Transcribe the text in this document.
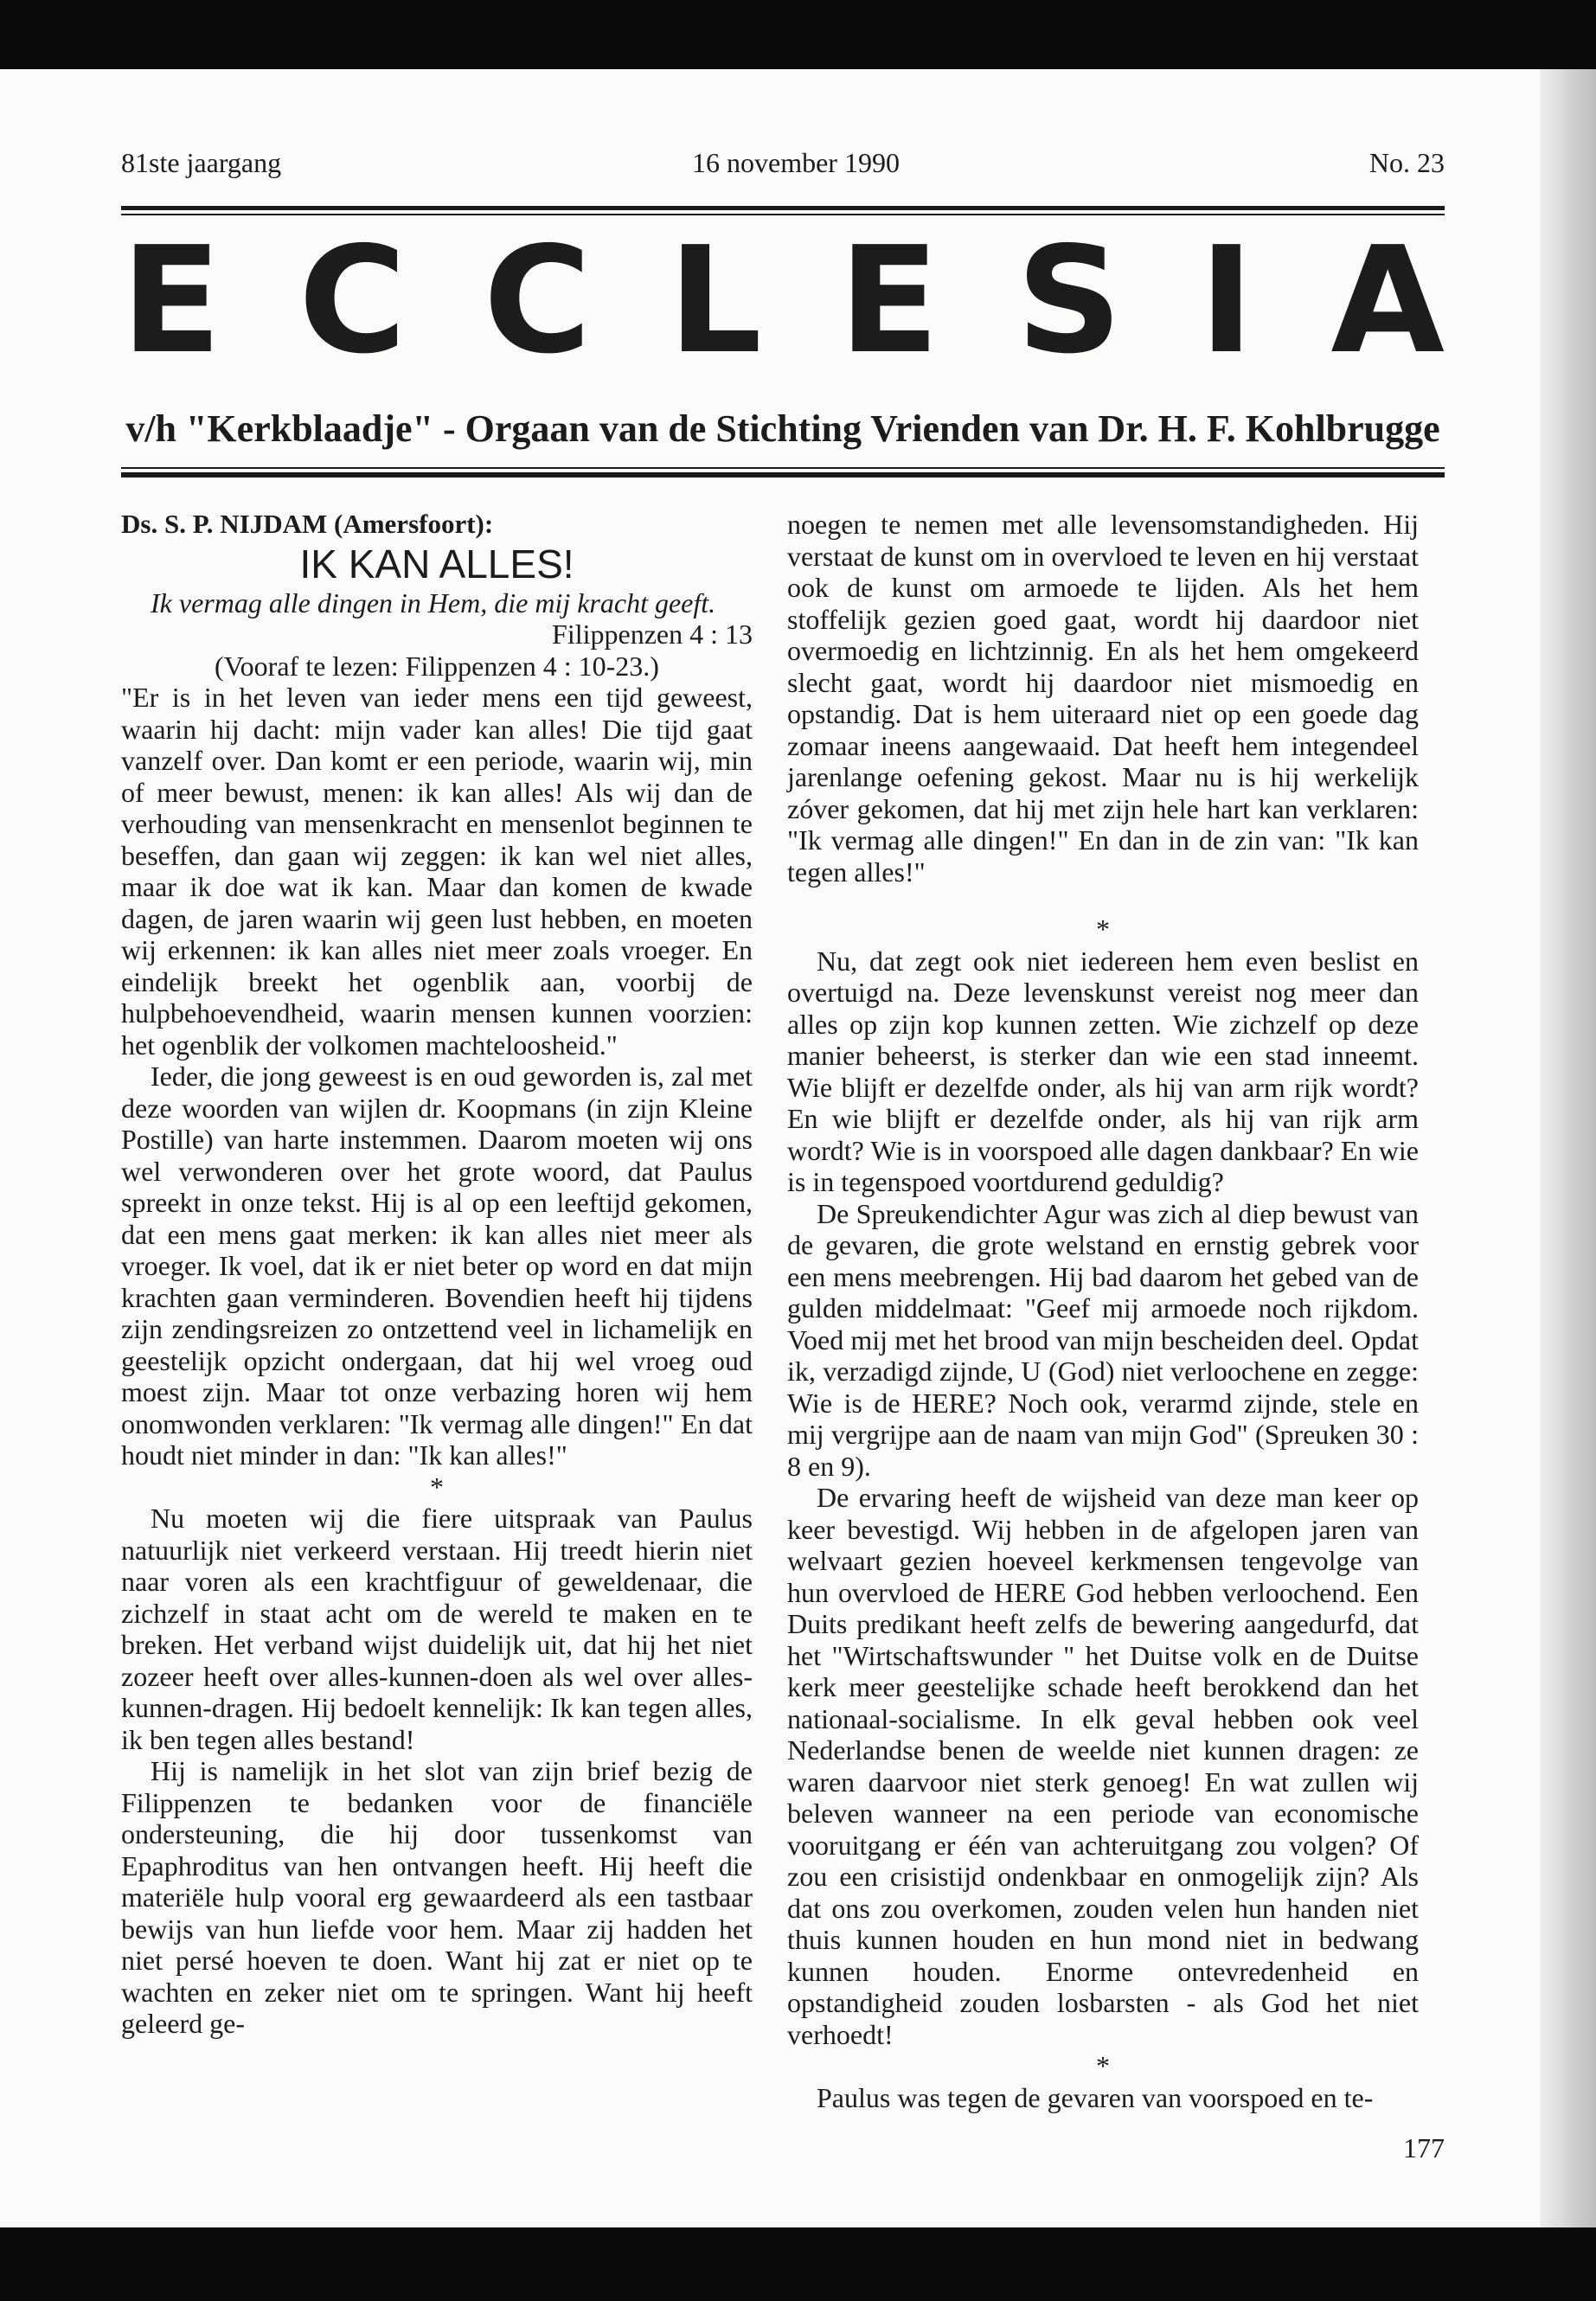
81ste jaargang	16 november 1990	No. 23
E C C L E S I A

v/h "Kerkblaadje" - Orgaan van de Stichting Vrienden van Dr. H. F. Kohlbrugge

Ds. S. P. NIJDAM (Amersfoort):

IK KAN ALLES!

Ik vermag alle dingen in Hem, die mij kracht geeft.

Filippenzen 4 : 13

(Vooraf te lezen: Filippenzen 4 : 10-23.)

"Er is in het leven van ieder mens een tijd geweest, waarin hij dacht: mijn vader kan alles! Die tijd gaat vanzelf over. Dan komt er een periode, waarin wij, min of meer bewust, menen: ik kan alles! Als wij dan de verhouding van mensenkracht en mensenlot beginnen te beseffen, dan gaan wij zeggen: ik kan wel niet alles, maar ik doe wat ik kan. Maar dan komen de kwade dagen, de jaren waarin wij geen lust hebben, en moeten wij erkennen: ik kan alles niet meer zoals vroeger. En eindelijk breekt het ogenblik aan, voorbij de hulpbehoevendheid, waarin mensen kunnen voorzien: het ogenblik der volkomen machteloosheid."

Ieder, die jong geweest is en oud geworden is, zal met deze woorden van wijlen dr. Koopmans (in zijn Kleine Postille) van harte instemmen. Daarom moeten wij ons wel verwonderen over het grote woord, dat Paulus spreekt in onze tekst. Hij is al op een leeftijd gekomen, dat een mens gaat merken: ik kan alles niet meer als vroeger. Ik voel, dat ik er niet beter op word en dat mijn krachten gaan verminderen. Bovendien heeft hij tijdens zijn zendingsreizen zo ontzettend veel in lichamelijk en geestelijk opzicht ondergaan, dat hij wel vroeg oud moest zijn. Maar tot onze verbazing horen wij hem onomwonden verklaren: "Ik vermag alle dingen!" En dat houdt niet minder in dan: "Ik kan alles!"

*

Nu moeten wij die fiere uitspraak van Paulus natuurlijk niet verkeerd verstaan. Hij treedt hierin niet naar voren als een krachtfiguur of geweldenaar, die zichzelf in staat acht om de wereld te maken en te breken. Het verband wijst duidelijk uit, dat hij het niet zozeer heeft over alles-kunnen-doen als wel over alles-kunnen-dragen. Hij bedoelt kennelijk: Ik kan tegen alles, ik ben tegen alles bestand!

Hij is namelijk in het slot van zijn brief bezig de Filippenzen te bedanken voor de financiële ondersteuning, die hij door tussenkomst van Epaphroditus van hen ontvangen heeft. Hij heeft die materiële hulp vooral erg gewaardeerd als een tastbaar bewijs van hun liefde voor hem. Maar zij hadden het niet persé hoeven te doen. Want hij zat er niet op te wachten en zeker niet om te springen. Want hij heeft geleerd ge-

noegen te nemen met alle levensomstandigheden. Hij verstaat de kunst om in overvloed te leven en hij verstaat ook de kunst om armoede te lijden. Als het hem stoffelijk gezien goed gaat, wordt hij daardoor niet overmoedig en lichtzinnig. En als het hem omgekeerd slecht gaat, wordt hij daardoor niet mismoedig en opstandig. Dat is hem uiteraard niet op een goede dag zomaar ineens aangewaaid. Dat heeft hem integendeel jarenlange oefening gekost. Maar nu is hij werkelijk zóver gekomen, dat hij met zijn hele hart kan verklaren: "Ik vermag alle dingen!" En dan in de zin van: "Ik kan tegen alles!"

*

Nu, dat zegt ook niet iedereen hem even beslist en overtuigd na. Deze levenskunst vereist nog meer dan alles op zijn kop kunnen zetten. Wie zichzelf op deze manier beheerst, is sterker dan wie een stad inneemt. Wie blijft er dezelfde onder, als hij van arm rijk wordt? En wie blijft er dezelfde onder, als hij van rijk arm wordt? Wie is in voorspoed alle dagen dankbaar? En wie is in tegenspoed voortdurend geduldig?

De Spreukendichter Agur was zich al diep bewust van de gevaren, die grote welstand en ernstig gebrek voor een mens meebrengen. Hij bad daarom het gebed van de gulden middelmaat: "Geef mij armoede noch rijkdom. Voed mij met het brood van mijn bescheiden deel. Opdat ik, verzadigd zijnde, U (God) niet verloochene en zegge: Wie is de HERE? Noch ook, verarmd zijnde, stele en mij vergrijpe aan de naam van mijn God" (Spreuken 30 : 8 en 9).

De ervaring heeft de wijsheid van deze man keer op keer bevestigd. Wij hebben in de afgelopen jaren van welvaart gezien hoeveel kerkmensen tengevolge van hun overvloed de HERE God hebben verloochend. Een Duits predikant heeft zelfs de bewering aangedurfd, dat het "Wirtschaftswunder " het Duitse volk en de Duitse kerk meer geestelijke schade heeft berokkend dan het nationaal-socialisme. In elk geval hebben ook veel Nederlandse benen de weelde niet kunnen dragen: ze waren daarvoor niet sterk genoeg! En wat zullen wij beleven wanneer na een periode van economische vooruitgang er één van achteruitgang zou volgen? Of zou een crisistijd ondenkbaar en onmogelijk zijn? Als dat ons zou overkomen, zouden velen hun handen niet thuis kunnen houden en hun mond niet in bedwang kunnen houden. Enorme ontevredenheid en opstandigheid zouden losbarsten - als God het niet verhoedt!

*

Paulus was tegen de gevaren van voorspoed en te-

177
